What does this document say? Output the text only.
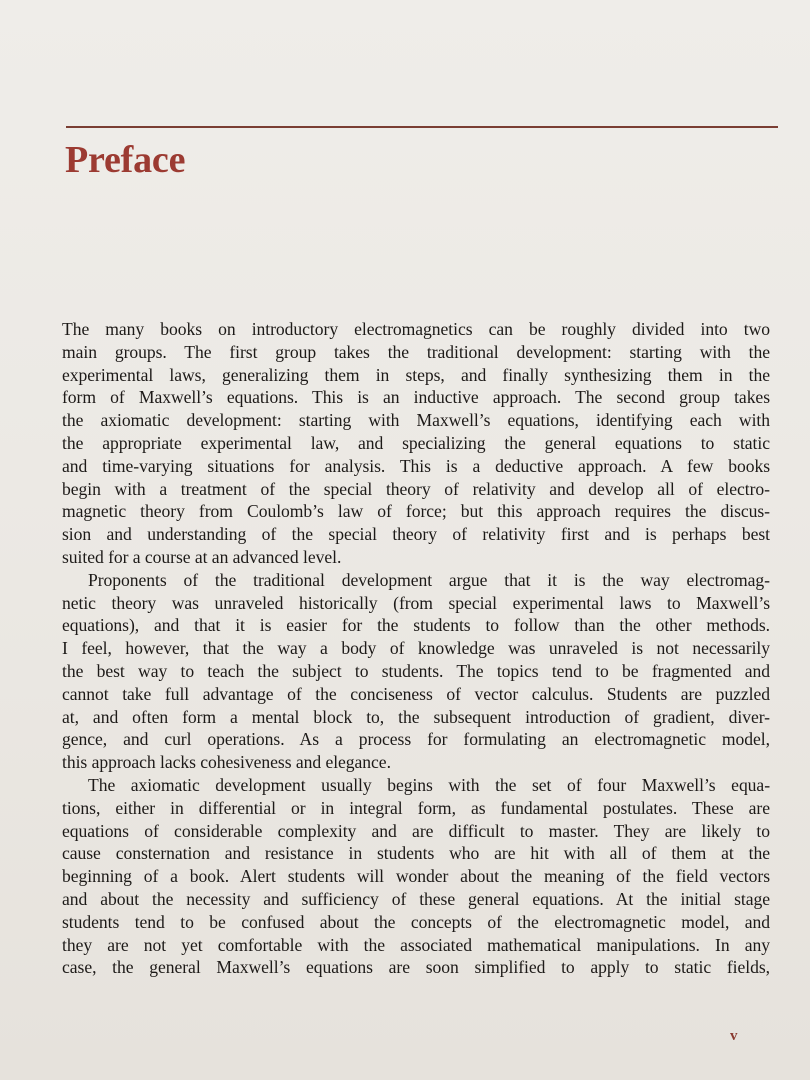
Preface

The many books on introductory electromagnetics can be roughly divided into two
main groups. The first group takes the traditional development: starting with the
experimental laws, generalizing them in steps, and finally synthesizing them in the
form of Maxwell’s equations. This is an inductive approach. The second group takes
the axiomatic development: starting with Maxwell’s equations, identifying each with
the appropriate experimental law, and specializing the general equations to static
and time-varying situations for analysis. This is a deductive approach. A few books
begin with a treatment of the special theory of relativity and develop all of electro-
magnetic theory from Coulomb’s law of force; but this approach requires the discus-
sion and understanding of the special theory of relativity first and is perhaps best
suited for a course at an advanced level.

Proponents of the traditional development argue that it is the way electromag-
netic theory was unraveled historically (from special experimental laws to Maxwell’s
equations), and that it is easier for the students to follow than the other methods.
I feel, however, that the way a body of knowledge was unraveled is not necessarily
the best way to teach the subject to students. The topics tend to be fragmented and
cannot take full advantage of the conciseness of vector calculus. Students are puzzled
at, and often form a mental block to, the subsequent introduction of gradient, diver-
gence, and curl operations. As a process for formulating an electromagnetic model,
this approach lacks cohesiveness and elegance.

The axiomatic development usually begins with the set of four Maxwell’s equa-
tions, either in differential or in integral form, as fundamental postulates. These are
equations of considerable complexity and are difficult to master. They are likely to
cause consternation and resistance in students who are hit with all of them at the
beginning of a book. Alert students will wonder about the meaning of the field vectors
and about the necessity and sufficiency of these general equations. At the initial stage
students tend to be confused about the concepts of the electromagnetic model, and
they are not yet comfortable with the associated mathematical manipulations. In any
case, the general Maxwell’s equations are soon simplified to apply to static fields,

v
